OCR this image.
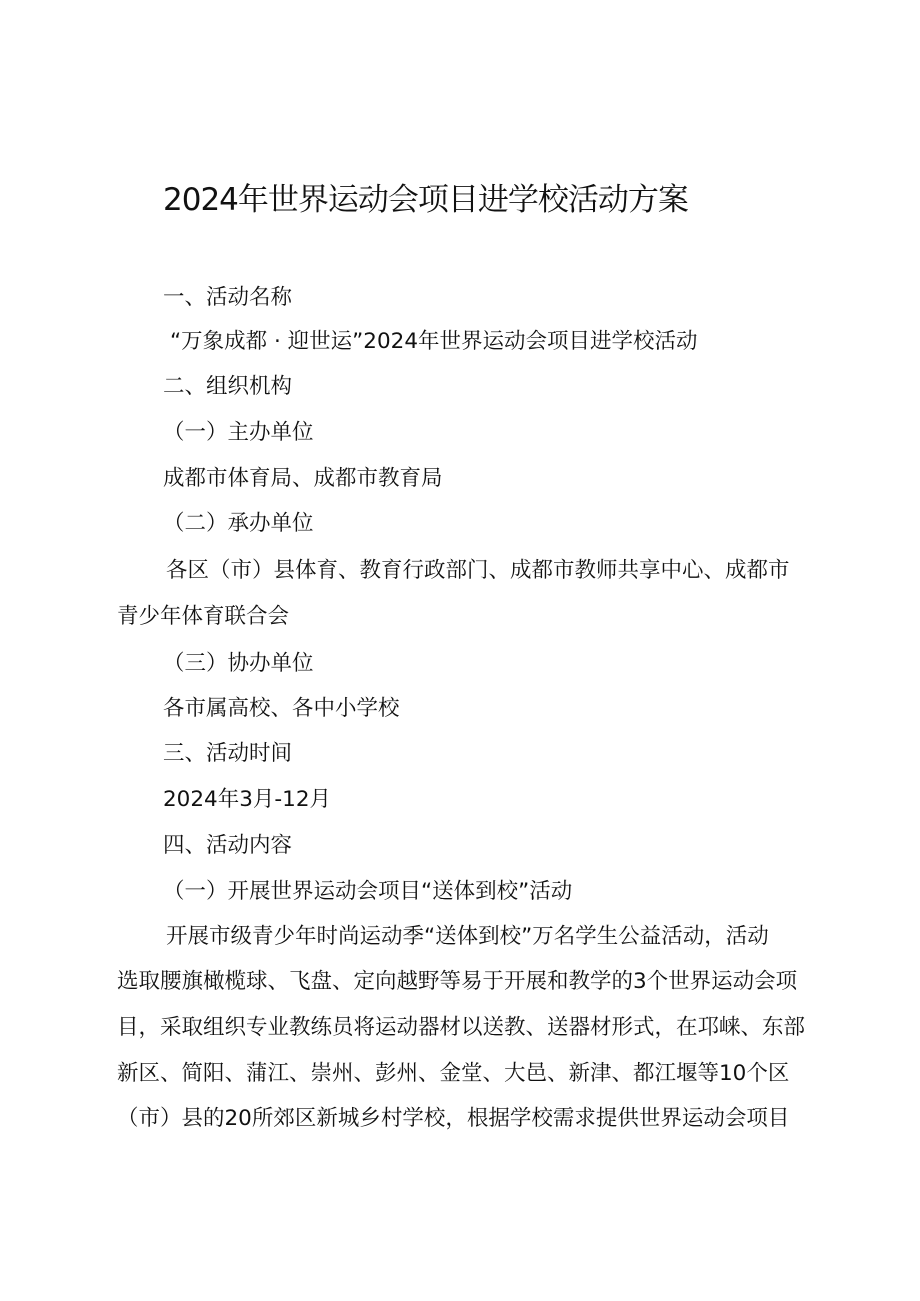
2024年世界运动会项目进学校活动方案
一、活动名称
“万象成都 · 迎世运”2024年世界运动会项目进学校活动
二、组织机构
（一）主办单位
成都市体育局、成都市教育局
（二）承办单位
各区（市）县体育、教育行政部门、成都市教师共享中心、成都市
青少年体育联合会
（三）协办单位
各市属高校、各中小学校
三、活动时间
2024年3月-12月
四、活动内容
（一）开展世界运动会项目“送体到校”活动
开展市级青少年时尚运动季“送体到校”万名学生公益活动，活动
选取腰旗橄榄球、飞盘、定向越野等易于开展和教学的3个世界运动会项
目，采取组织专业教练员将运动器材以送教、送器材形式，在邛崃、东部
新区、简阳、蒲江、崇州、彭州、金堂、大邑、新津、都江堰等10个区
（市）县的20所郊区新城乡村学校，根据学校需求提供世界运动会项目
